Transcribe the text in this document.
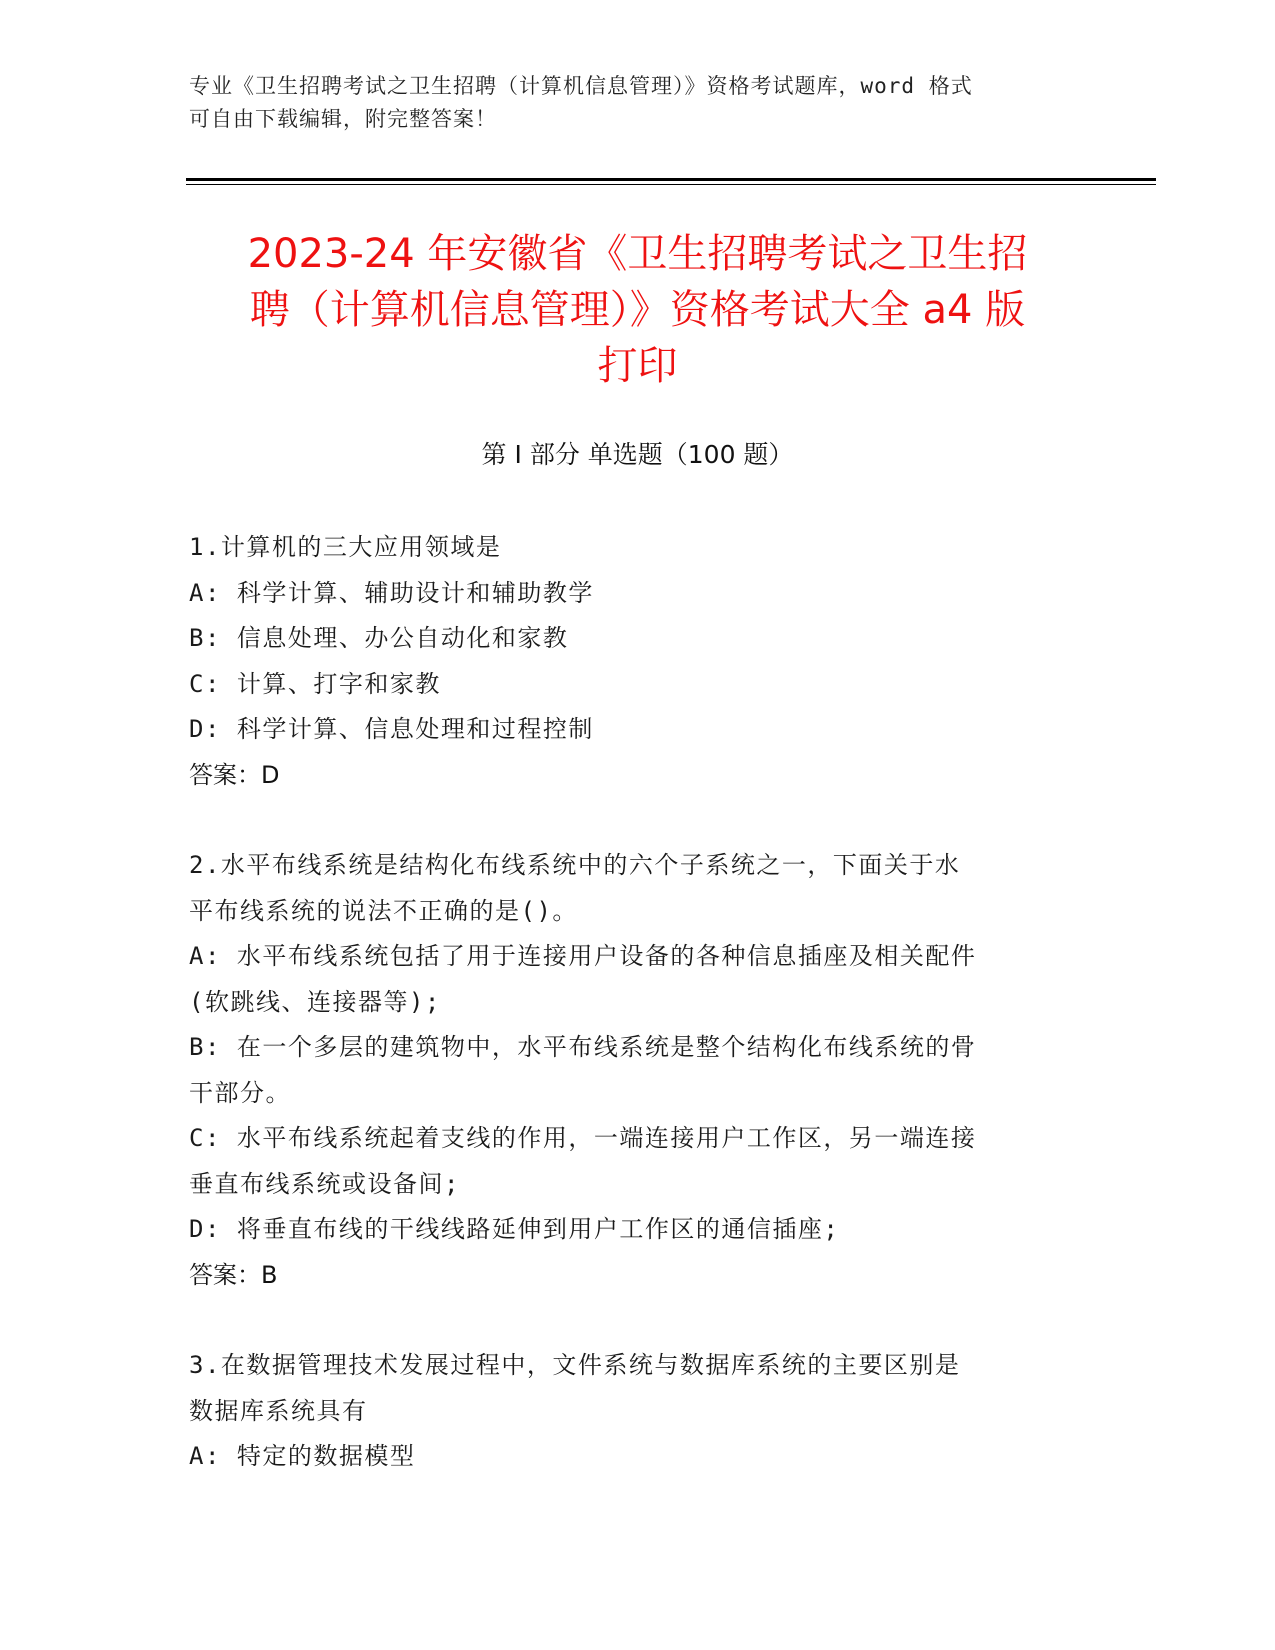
专业《卫生招聘考试之卫生招聘（计算机信息管理）》资格考试题库，word 格式
可自由下载编辑，附完整答案！
2023-24 年安徽省《卫生招聘考试之卫生招
聘（计算机信息管理）》资格考试大全 a4 版
打印
第 I 部分 单选题（100 题）
1.计算机的三大应用领域是
A: 科学计算、辅助设计和辅助教学
B: 信息处理、办公自动化和家教
C: 计算、打字和家教
D: 科学计算、信息处理和过程控制
答案：D
2.水平布线系统是结构化布线系统中的六个子系统之一，下面关于水
平布线系统的说法不正确的是()。
A: 水平布线系统包括了用于连接用户设备的各种信息插座及相关配件
(软跳线、连接器等);
B: 在一个多层的建筑物中，水平布线系统是整个结构化布线系统的骨
干部分。
C: 水平布线系统起着支线的作用，一端连接用户工作区，另一端连接
垂直布线系统或设备间;
D: 将垂直布线的干线线路延伸到用户工作区的通信插座;
答案：B
3.在数据管理技术发展过程中，文件系统与数据库系统的主要区别是
数据库系统具有
A: 特定的数据模型
